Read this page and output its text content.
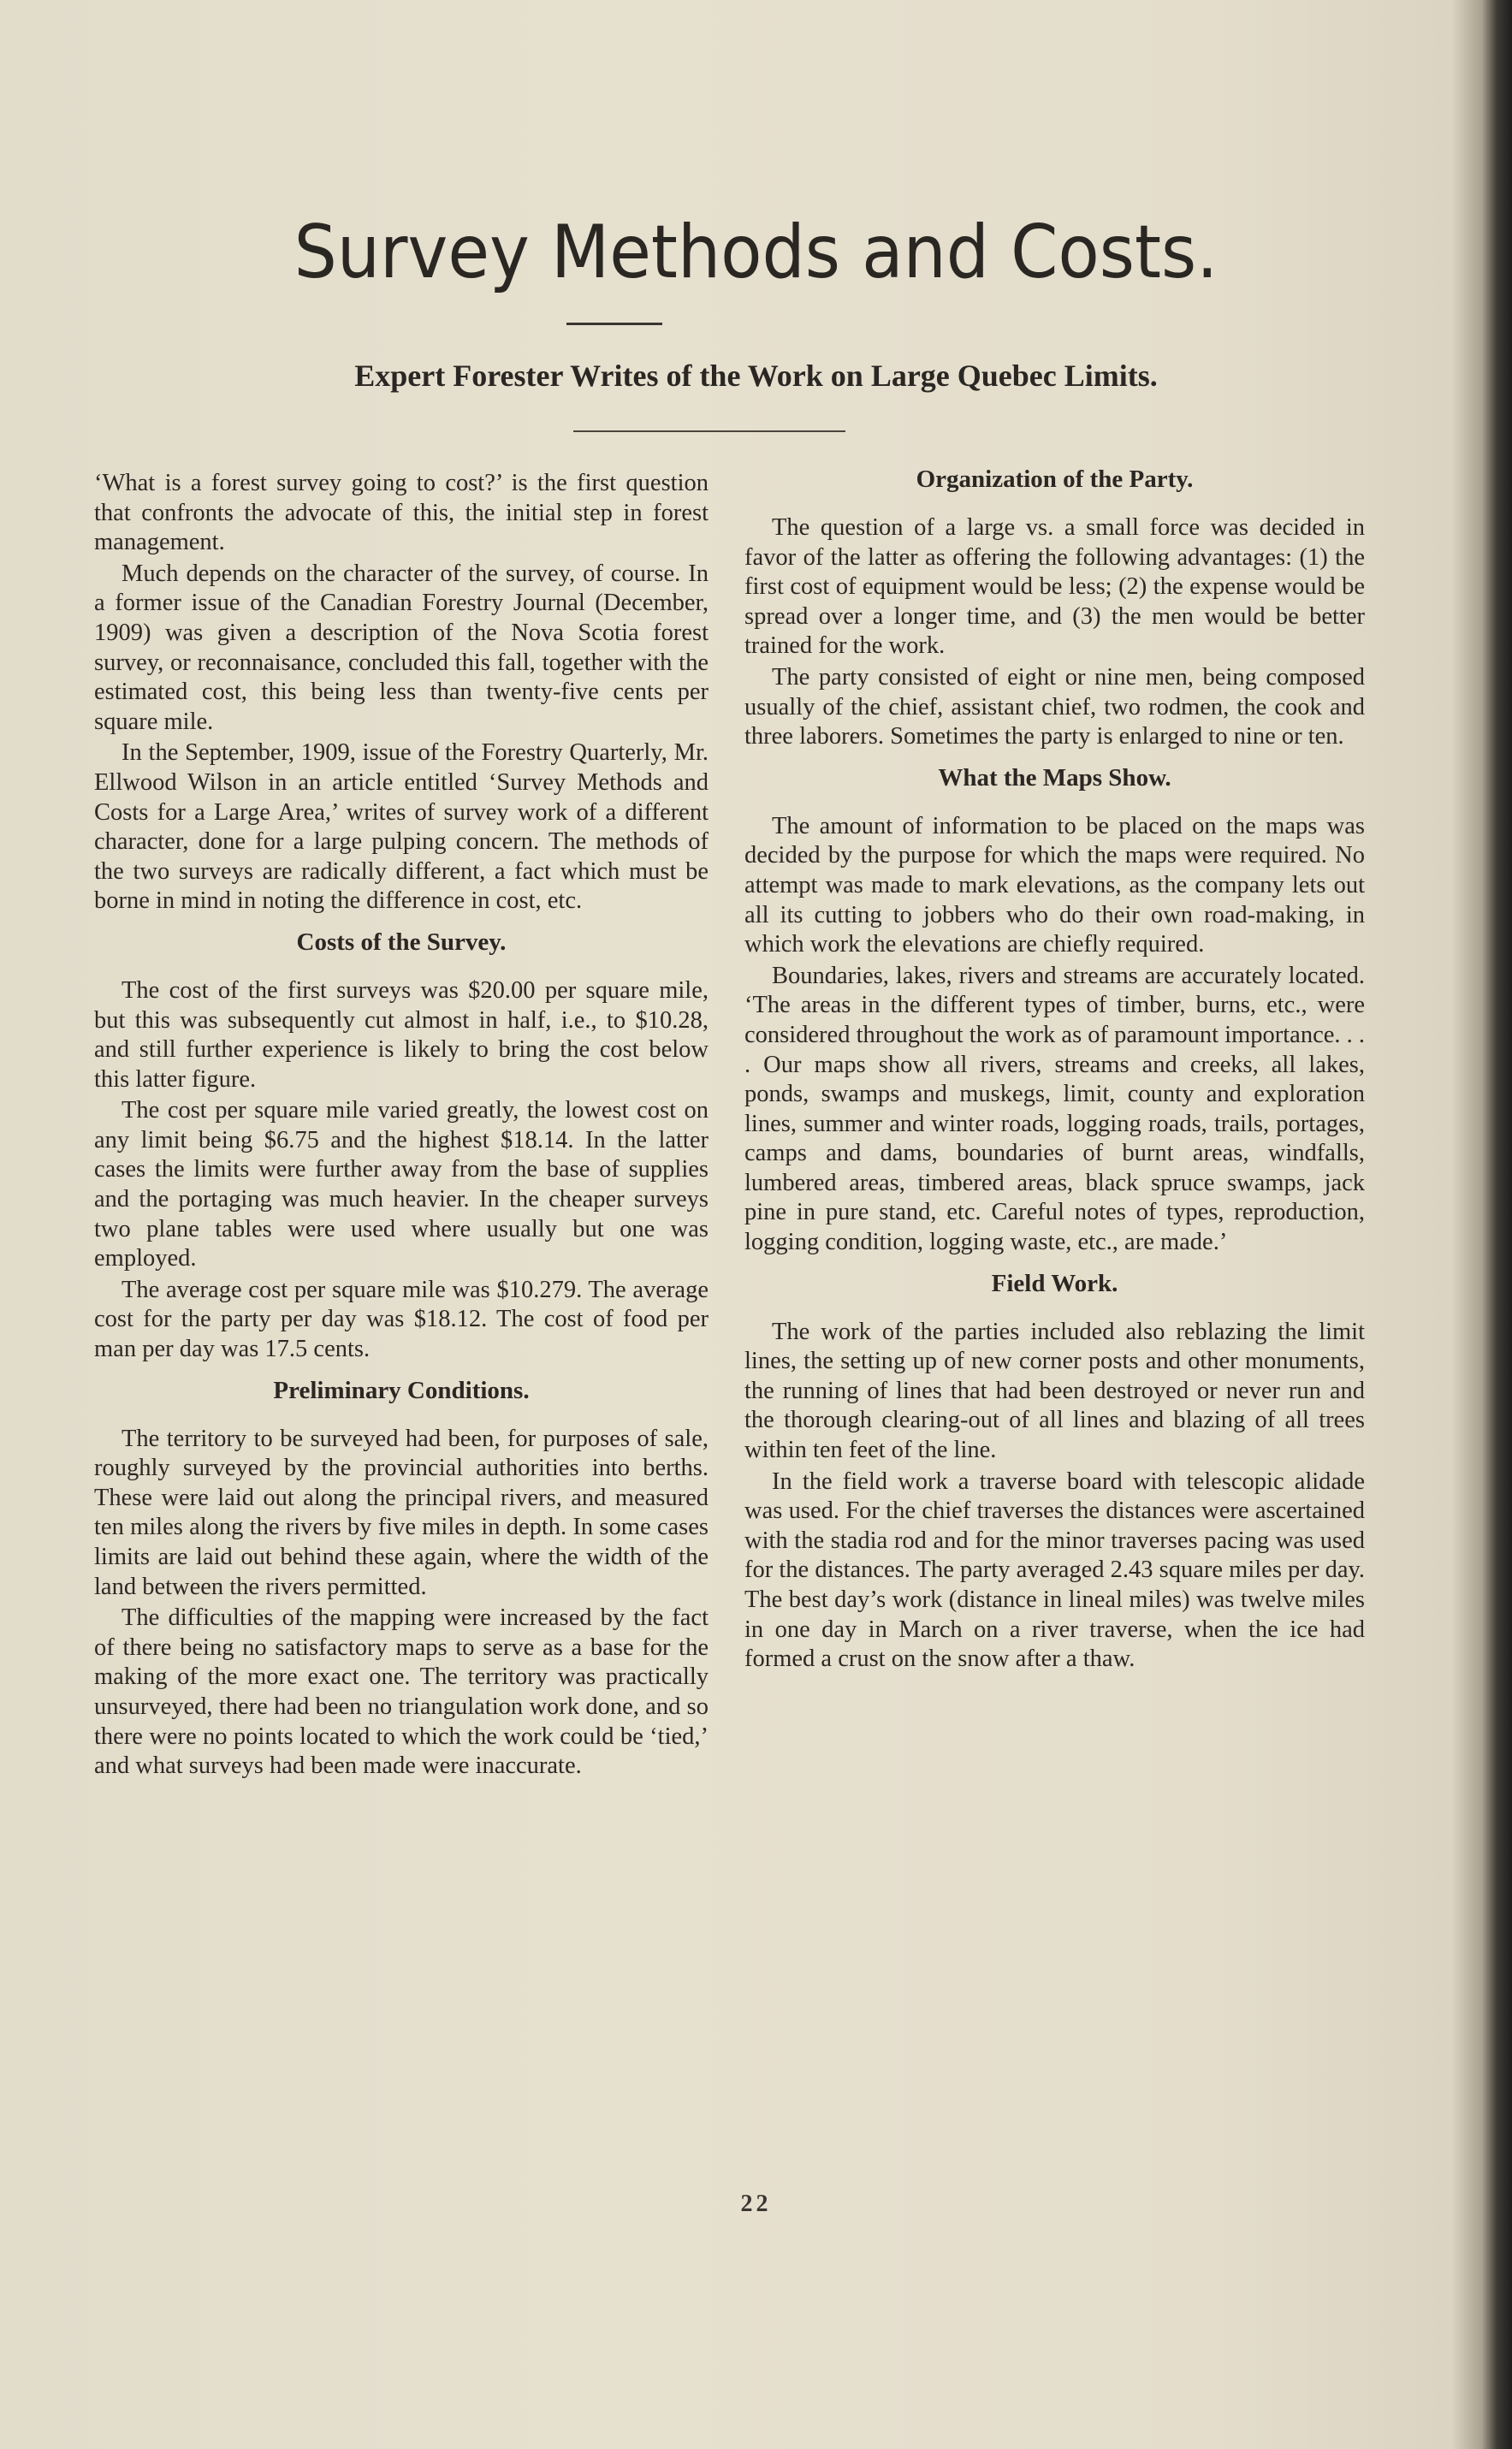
Survey Methods and Costs.
Expert Forester Writes of the Work on Large Quebec Limits.

‘What is a forest survey going to cost?’ is the first question that confronts the advocate of this, the initial step in forest management.

Much depends on the character of the survey, of course. In a former issue of the Canadian Forestry Journal (December, 1909) was given a description of the Nova Scotia forest survey, or reconnaisance, concluded this fall, together with the estimated cost, this being less than twenty-five cents per square mile.

In the September, 1909, issue of the Forestry Quarterly, Mr. Ellwood Wilson in an article entitled ‘Survey Methods and Costs for a Large Area,’ writes of survey work of a different character, done for a large pulping concern. The methods of the two surveys are radically different, a fact which must be borne in mind in noting the difference in cost, etc.

Costs of the Survey.

The cost of the first surveys was $20.00 per square mile, but this was subsequently cut almost in half, i.e., to $10.28, and still further experience is likely to bring the cost below this latter figure.

The cost per square mile varied greatly, the lowest cost on any limit being $6.75 and the highest $18.14. In the latter cases the limits were further away from the base of supplies and the portaging was much heavier. In the cheaper surveys two plane tables were used where usually but one was employed.

The average cost per square mile was $10.279. The average cost for the party per day was $18.12. The cost of food per man per day was 17.5 cents.

Preliminary Conditions.

The territory to be surveyed had been, for purposes of sale, roughly surveyed by the provincial authorities into berths. These were laid out along the principal rivers, and measured ten miles along the rivers by five miles in depth. In some cases limits are laid out behind these again, where the width of the land between the rivers permitted.

The difficulties of the mapping were increased by the fact of there being no satisfactory maps to serve as a base for the making of the more exact one. The territory was practically unsurveyed, there had been no triangulation work done, and so there were no points located to which the work could be ‘tied,’ and what surveys had been made were inaccurate.

Organization of the Party.

The question of a large vs. a small force was decided in favor of the latter as offering the following advantages: (1) the first cost of equipment would be less; (2) the expense would be spread over a longer time, and (3) the men would be better trained for the work.

The party consisted of eight or nine men, being composed usually of the chief, assistant chief, two rodmen, the cook and three laborers. Sometimes the party is enlarged to nine or ten.

What the Maps Show.

The amount of information to be placed on the maps was decided by the purpose for which the maps were required. No attempt was made to mark elevations, as the company lets out all its cutting to jobbers who do their own road-making, in which work the elevations are chiefly required.

Boundaries, lakes, rivers and streams are accurately located. ‘The areas in the different types of timber, burns, etc., were considered throughout the work as of paramount importance. . . . Our maps show all rivers, streams and creeks, all lakes, ponds, swamps and muskegs, limit, county and exploration lines, summer and winter roads, logging roads, trails, portages, camps and dams, boundaries of burnt areas, windfalls, lumbered areas, timbered areas, black spruce swamps, jack pine in pure stand, etc. Careful notes of types, reproduction, logging condition, logging waste, etc., are made.’

Field Work.

The work of the parties included also reblazing the limit lines, the setting up of new corner posts and other monuments, the running of lines that had been destroyed or never run and the thorough clearing-out of all lines and blazing of all trees within ten feet of the line.

In the field work a traverse board with telescopic alidade was used. For the chief traverses the distances were ascertained with the stadia rod and for the minor traverses pacing was used for the distances. The party averaged 2.43 square miles per day. The best day’s work (distance in lineal miles) was twelve miles in one day in March on a river traverse, when the ice had formed a crust on the snow after a thaw.

22
